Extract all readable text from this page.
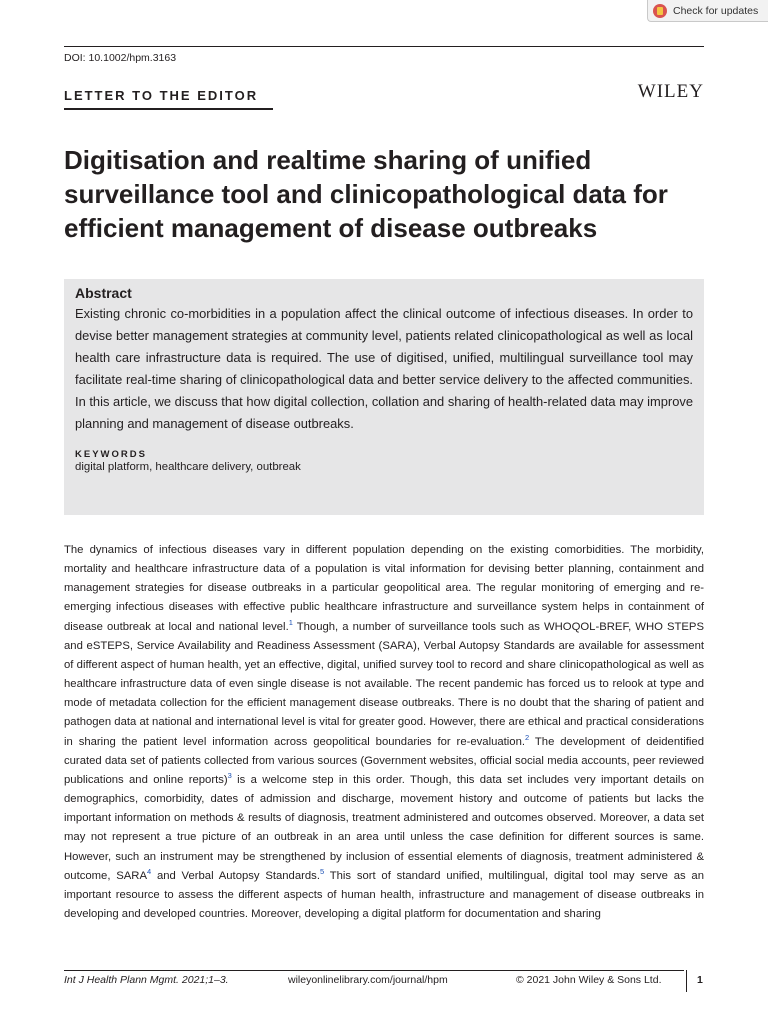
Check for updates
DOI: 10.1002/hpm.3163
LETTER TO THE EDITOR	WILEY
Digitisation and realtime sharing of unified surveillance tool and clinicopathological data for efficient management of disease outbreaks
Abstract

Existing chronic co-morbidities in a population affect the clinical outcome of infectious diseases. In order to devise better management strategies at community level, patients related clinicopathological as well as local health care infrastructure data is required. The use of digitised, unified, multilingual surveillance tool may facilitate real-time sharing of clinicopathological data and better service delivery to the affected communities. In this article, we discuss that how digital collection, collation and sharing of health-related data may improve planning and management of disease outbreaks.

KEYWORDS
digital platform, healthcare delivery, outbreak

The dynamics of infectious diseases vary in different population depending on the existing comorbidities. The morbidity, mortality and healthcare infrastructure data of a population is vital information for devising better planning, containment and management strategies for disease outbreaks in a particular geopolitical area. The regular monitoring of emerging and re-emerging infectious diseases with effective public healthcare infrastructure and surveillance system helps in containment of disease outbreak at local and national level.$^1$ Though, a number of surveillance tools such as WHOQOL-BREF, WHO STEPS and eSTEPS, Service Availability and Readiness Assessment (SARA), Verbal Autopsy Standards are available for assessment of different aspect of human health, yet an effective, digital, unified survey tool to record and share clinicopathological as well as healthcare infrastructure data of even single disease is not available. The recent pandemic has forced us to relook at type and mode of metadata collection for the efficient management disease outbreaks. There is no doubt that the sharing of patient and pathogen data at national and international level is vital for greater good. However, there are ethical and practical considerations in sharing the patient level information across geopolitical boundaries for re-evaluation.$^2$ The development of deidentified curated data set of patients collected from various sources (Government websites, official social media accounts, peer reviewed publications and online reports)$^3$ is a welcome step in this order. Though, this data set includes very important details on demographics, comorbidity, dates of admission and discharge, movement history and outcome of patients but lacks the important information on methods & results of diagnosis, treatment administered and outcomes observed. Moreover, a data set may not represent a true picture of an outbreak in an area until unless the case definition for different sources is same. However, such an instrument may be strengthened by inclusion of essential elements of diagnosis, treatment administered & outcome, SARA$^4$ and Verbal Autopsy Standards.$^5$ This sort of standard unified, multilingual, digital tool may serve as an important resource to assess the different aspects of human health, infrastructure and management of disease outbreaks in developing and developed countries. Moreover, developing a digital platform for documentation and sharing

Int J Health Plann Mgmt. 2021;1–3.	wileyonlinelibrary.com/journal/hpm	© 2021 John Wiley & Sons Ltd.	1
